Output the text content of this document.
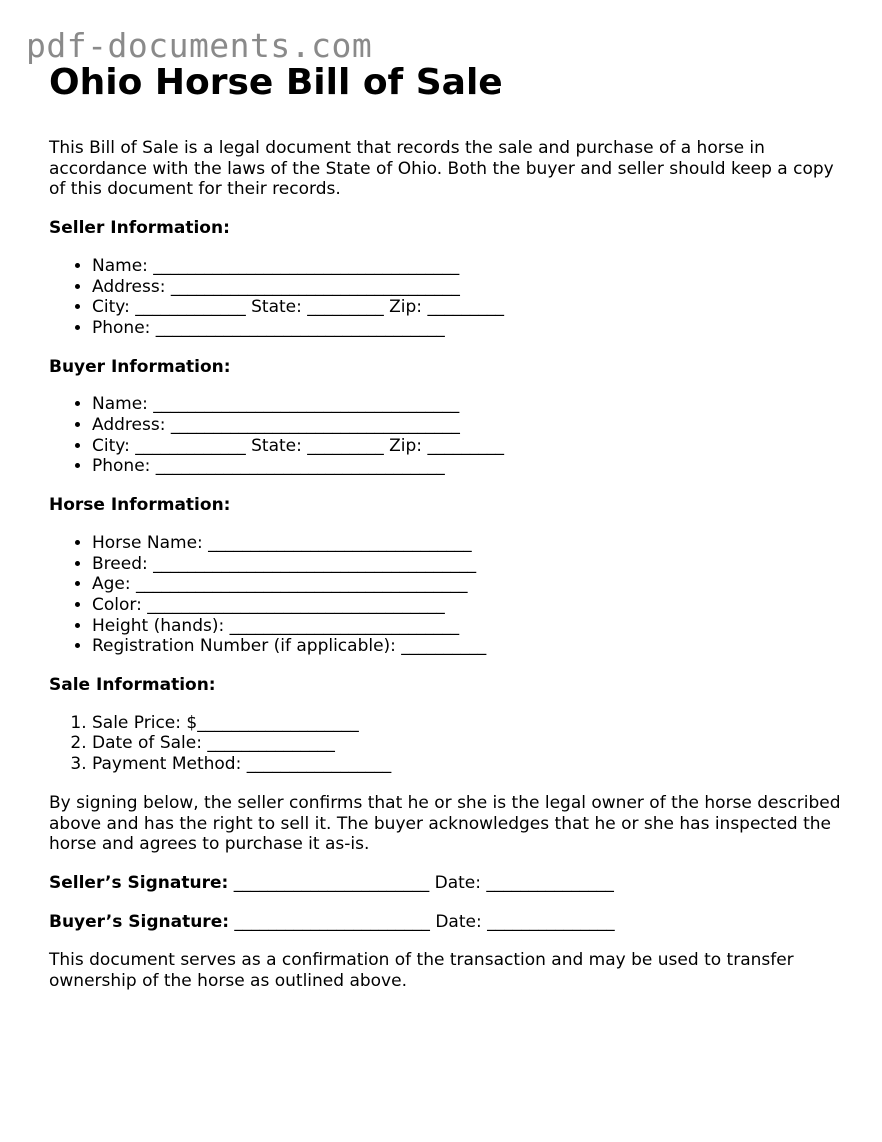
pdf-documents.com
Ohio Horse Bill of Sale

This Bill of Sale is a legal document that records the sale and purchase of a horse in accordance with the laws of the State of Ohio. Both the buyer and seller should keep a copy of this document for their records.

Seller Information:
• Name: ____________________________________
• Address: __________________________________
• City: _____________ State: _________ Zip: _________
• Phone: __________________________________
Buyer Information:
• Name: ____________________________________
• Address: __________________________________
• City: _____________ State: _________ Zip: _________
• Phone: __________________________________
Horse Information:
• Horse Name: _______________________________
• Breed: ______________________________________
• Age: _______________________________________
• Color: ___________________________________
• Height (hands): ___________________________
• Registration Number (if applicable): __________
Sale Information:
1. Sale Price: $___________________
2. Date of Sale: _______________
3. Payment Method: _________________

By signing below, the seller confirms that he or she is the legal owner of the horse described above and has the right to sell it. The buyer acknowledges that he or she has inspected the horse and agrees to purchase it as-is.

Seller’s Signature: _______________________ Date: _______________
Buyer’s Signature: _______________________ Date: _______________

This document serves as a confirmation of the transaction and may be used to transfer ownership of the horse as outlined above.
